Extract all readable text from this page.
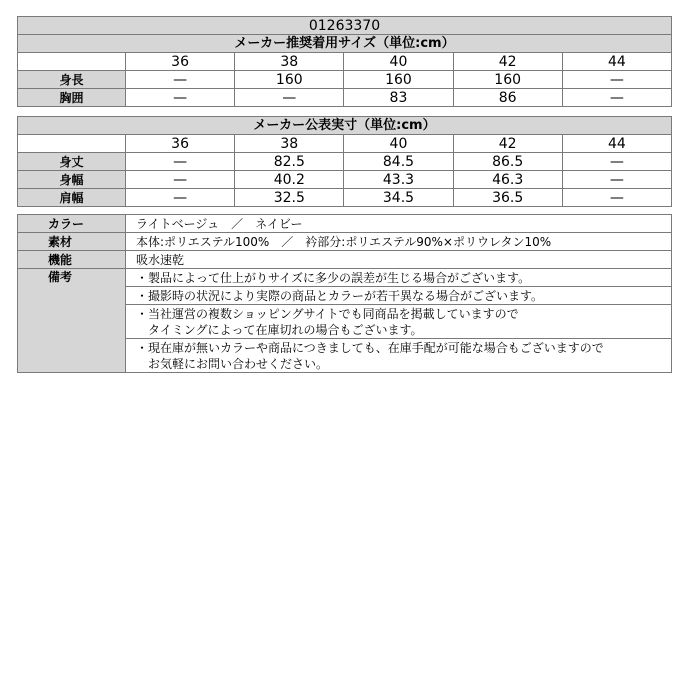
01263370					
メーカー推奨着用サイズ（単位:cm）					
	36	38	40	42	44
身長	—	160	160	160	—
胸囲	—	—	83	86	—
メーカー公表実寸（単位:cm）					
	36	38	40	42	44
身丈	—	82.5	84.5	86.5	—
身幅	—	40.2	43.3	46.3	—
肩幅	—	32.5	34.5	36.5	—
カラー	ライトベージュ　／　ネイビー
素材	本体:ポリエステル100%　／　衿部分:ポリエステル90%×ポリウレタン10%
機能	吸水速乾
備考	・製品によって仕上がりサイズに多少の誤差が生じる場合がございます。

	・撮影時の状況により実際の商品とカラーが若干異なる場合がございます。

	・当社運営の複数ショッピングサイトでも同商品を掲載していますので
　タイミングによって在庫切れの場合もございます。

	・現在庫が無いカラーや商品につきましても、在庫手配が可能な場合もございますので
　お気軽にお問い合わせください。
